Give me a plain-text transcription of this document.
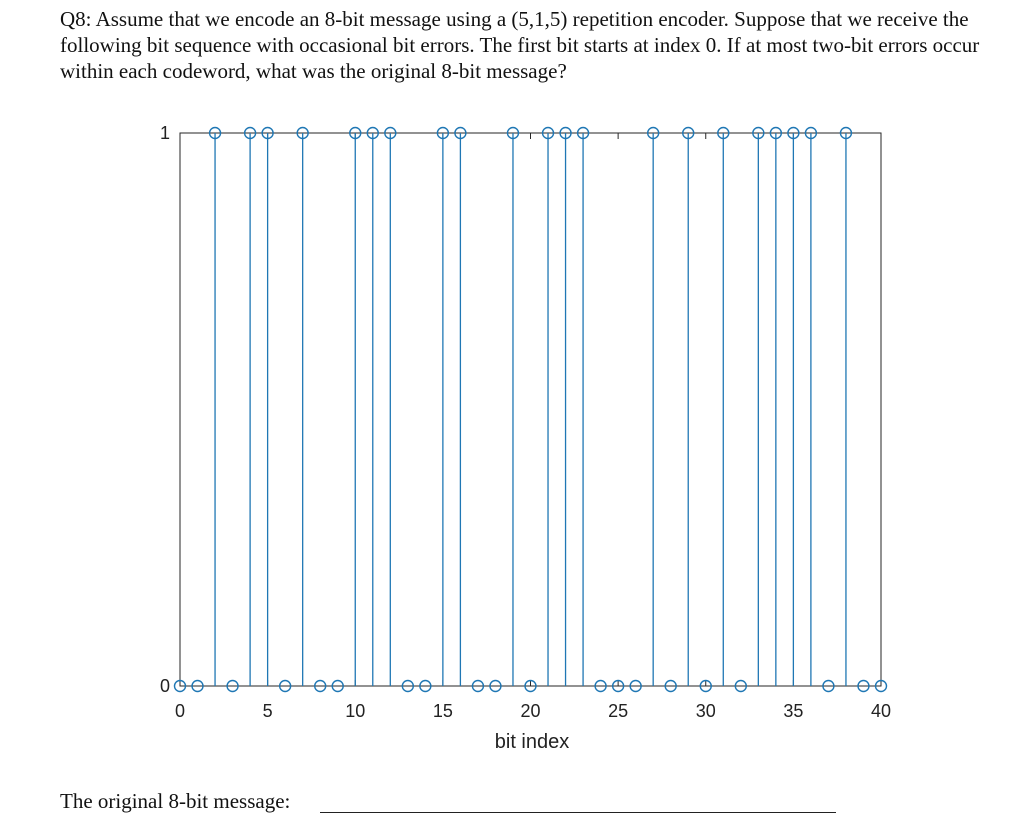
Q8: Assume that we encode an 8-bit message using a (5,1,5) repetition encoder. Suppose that we receive the following bit sequence with occasional bit errors. The first bit starts at index 0. If at most two-bit errors occur within each codeword, what was the original 8-bit message?

0	5	10	15	20	25	30	35	40
0
1
bit index
The original 8-bit message:
